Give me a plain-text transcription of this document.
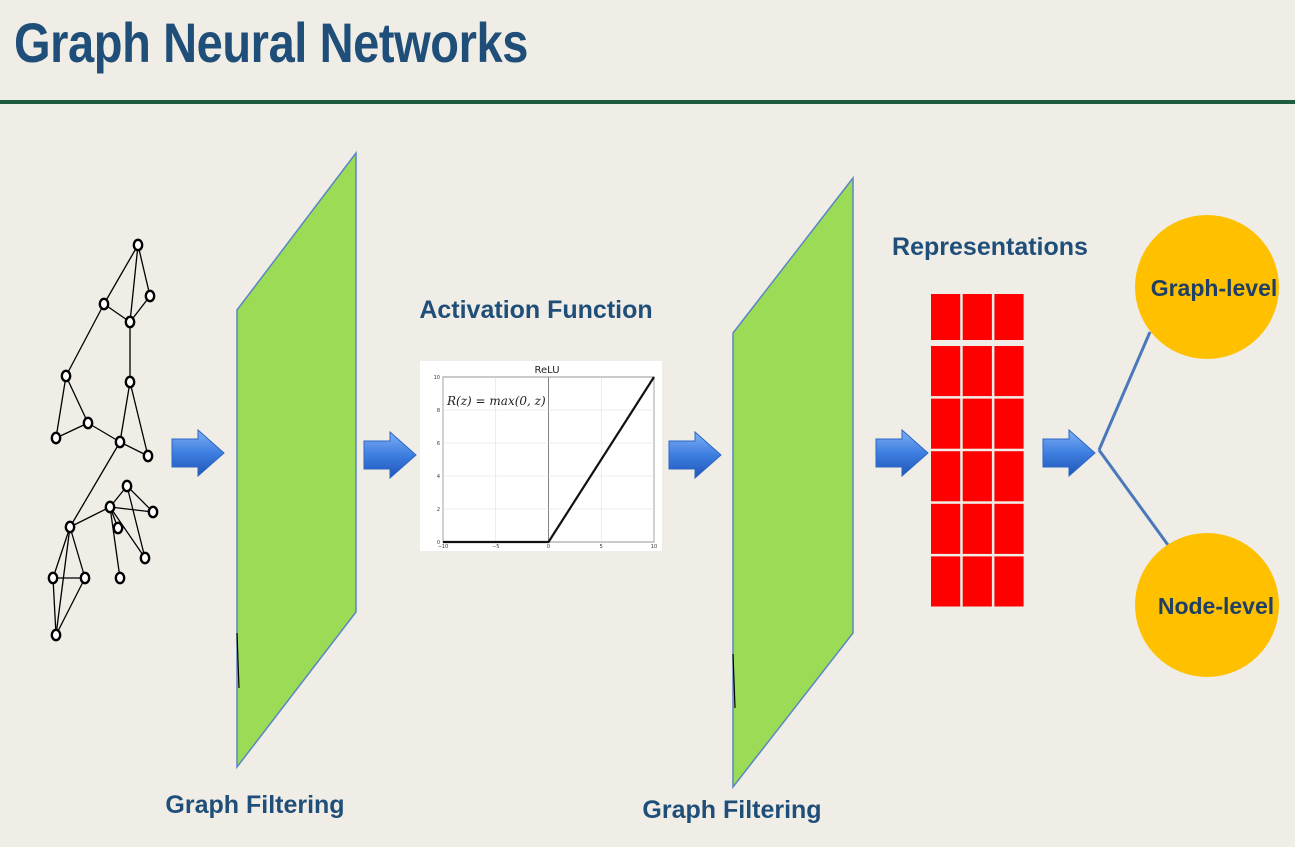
Graph Neural Networks
ReLU
R(z) = max(0, z)
−10	−5	0	5	10
0
2
4
6
8
10
Graph-level
Node-level
Activation Function
Representations
Graph Filtering	Graph Filtering
